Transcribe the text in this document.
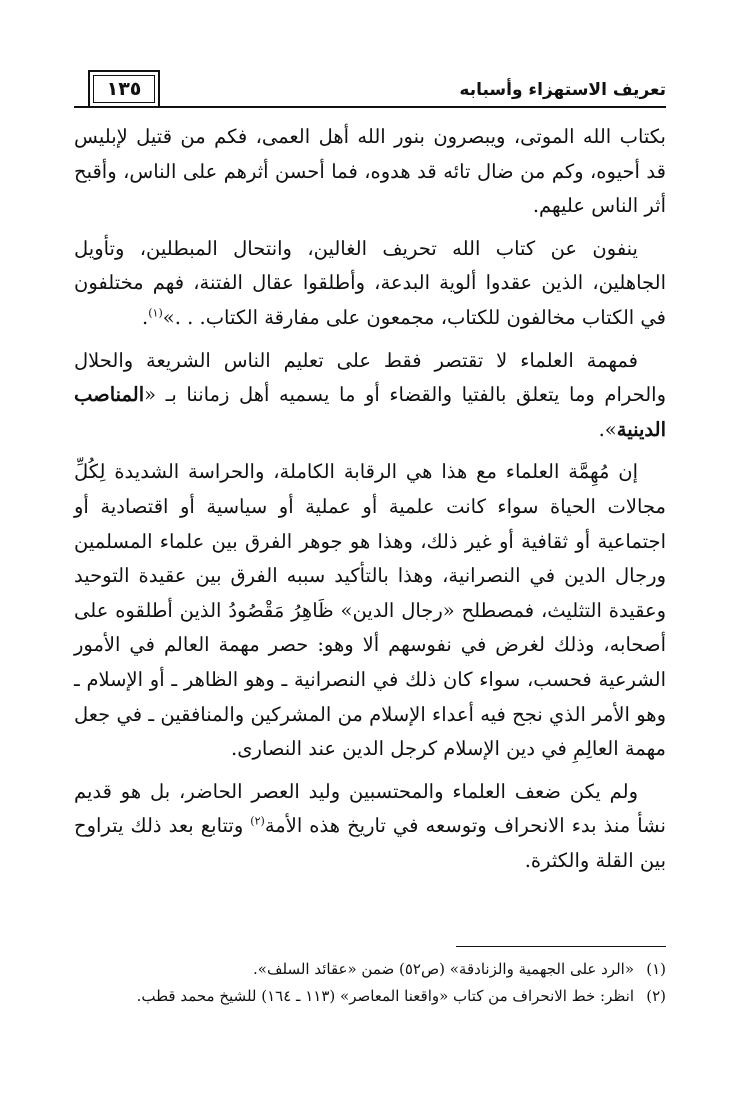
تعريف الاستهزاء وأسبابه
١٣٥

بكتاب الله الموتى، ويبصرون بنور الله أهل العمى، فكم من قتيل لإبليس قد أحيوه، وكم من ضال تائه قد هدوه، فما أحسن أثرهم على الناس، وأقبح أثر الناس عليهم.

ينفون عن كتاب الله تحريف الغالين، وانتحال المبطلين، وتأويل الجاهلين، الذين عقدوا ألوية البدعة، وأطلقوا عقال الفتنة، فهم مختلفون في الكتاب مخالفون للكتاب، مجمعون على مفارقة الكتاب. . .»$^{(١)}$.

فمهمة العلماء لا تقتصر فقط على تعليم الناس الشريعة والحلال والحرام وما يتعلق بالفتيا والقضاء أو ما يسميه أهل زماننا بـ «المناصب الدينية».

إن مُهِمَّة العلماء مع هذا هي الرقابة الكاملة، والحراسة الشديدة لِكُلِّ مجالات الحياة سواء كانت علمية أو عملية أو سياسية أو اقتصادية أو اجتماعية أو ثقافية أو غير ذلك، وهذا هو جوهر الفرق بين علماء المسلمين ورجال الدين في النصرانية، وهذا بالتأكيد سببه الفرق بين عقيدة التوحيد وعقيدة التثليث، فمصطلح «رجال الدين» ظَاهِرُ مَقْصُودُ الذين أطلقوه على أصحابه، وذلك لغرض في نفوسهم ألا وهو: حصر مهمة العالم في الأمور الشرعية فحسب، سواء كان ذلك في النصرانية ـ وهو الظاهر ـ أو الإسلام ـ وهو الأمر الذي نجح فيه أعداء الإسلام من المشركين والمنافقين ـ في جعل مهمة العالِمِ في دين الإسلام كرجل الدين عند النصارى.

ولم يكن ضعف العلماء والمحتسبين وليد العصر الحاضر، بل هو قديم نشأ منذ بدء الانحراف وتوسعه في تاريخ هذه الأمة$^{(٢)}$ وتتابع بعد ذلك يتراوح بين القلة والكثرة.

(١)
«الرد على الجهمية والزنادقة» (ص٥٢) ضمن «عقائد السلف».
(٢)
انظر: خط الانحراف من كتاب «واقعنا المعاصر» (١١٣ ـ ١٦٤) للشيخ محمد قطب.
